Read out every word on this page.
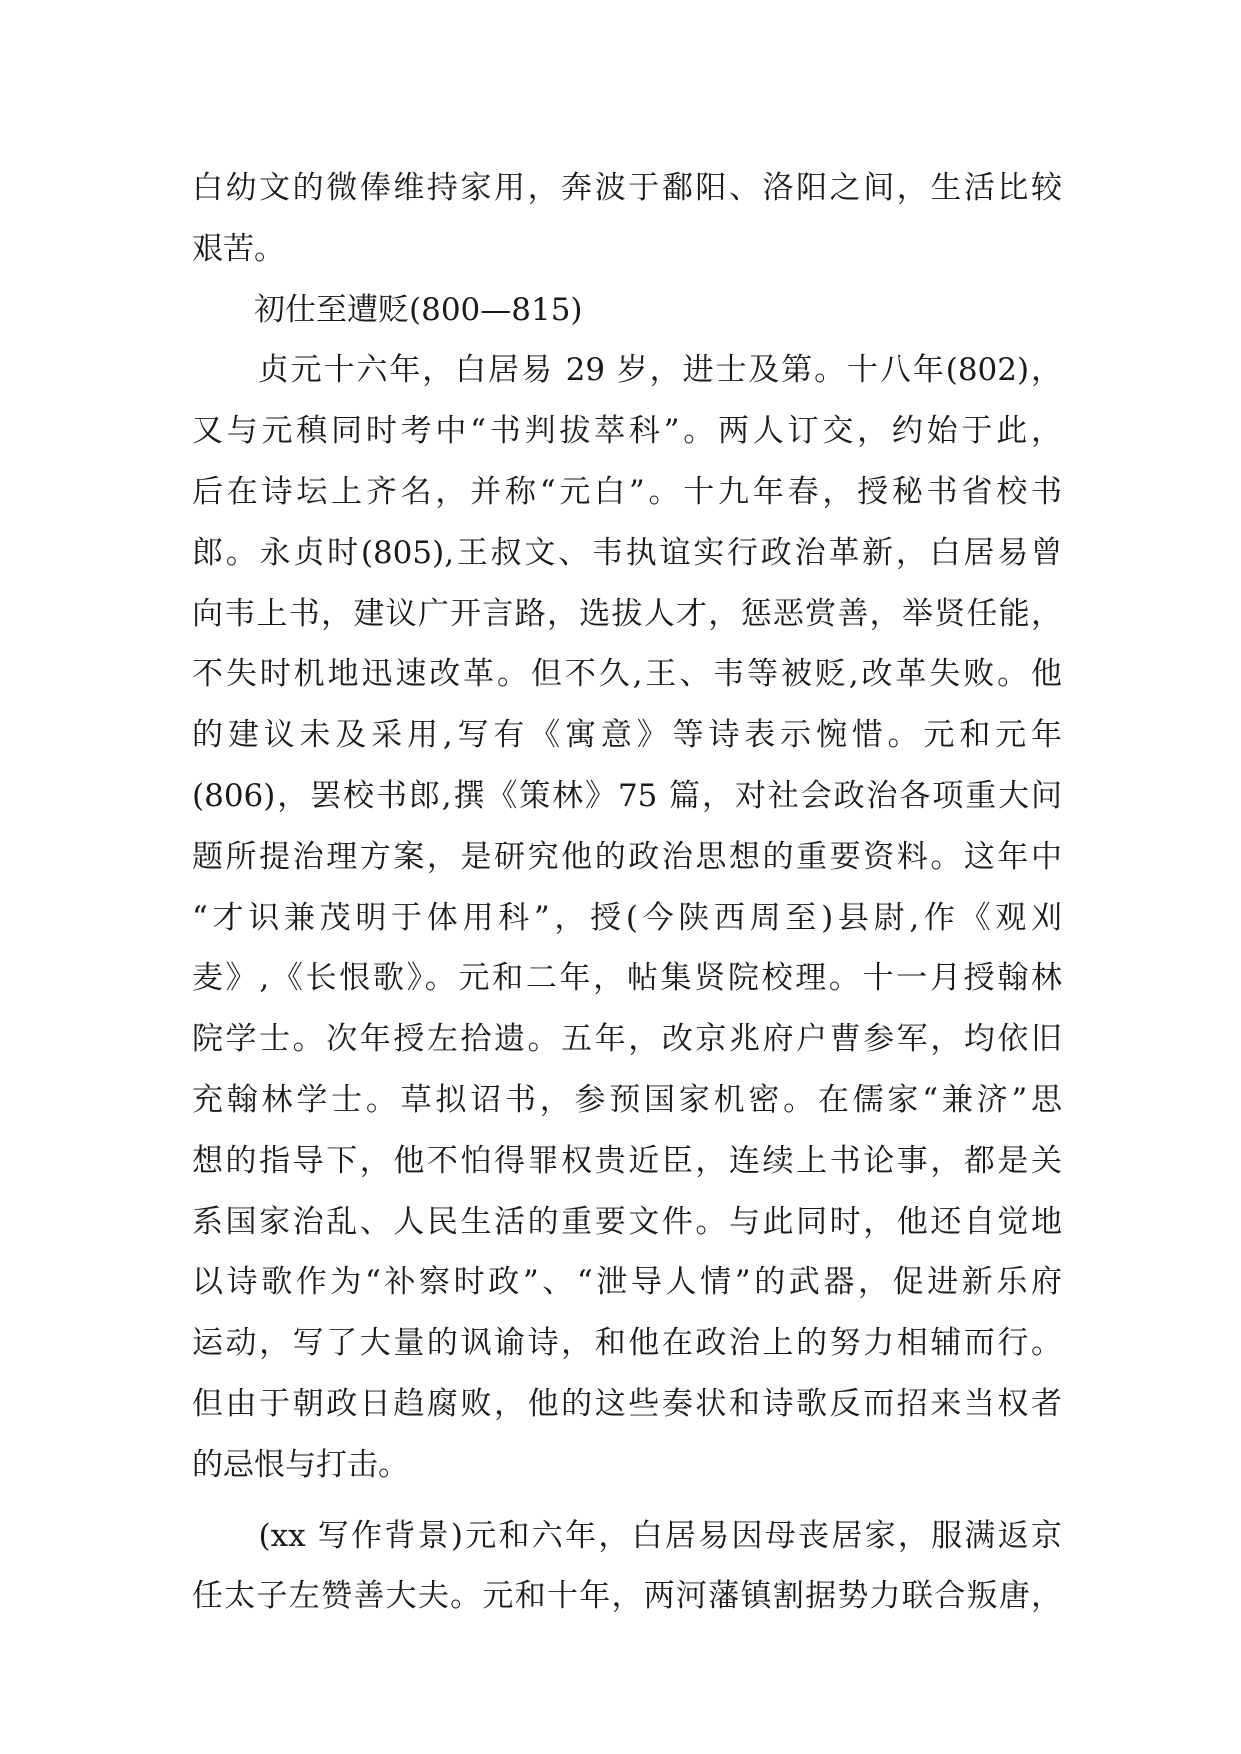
白幼文的微俸维持家用，奔波于鄱阳、洛阳之间，生活比较
艰苦。
　　初仕至遭贬(800—815)
　　贞元十六年，白居易 29 岁，进士及第。十八年(802)，
又与元稹同时考中“书判拔萃科”。两人订交，约始于此，
后在诗坛上齐名，并称“元白”。十九年春，授秘书省校书
郎。永贞时(805),王叔文、韦执谊实行政治革新，白居易曾
向韦上书，建议广开言路，选拔人才，惩恶赏善，举贤任能，
不失时机地迅速改革。但不久,王、韦等被贬,改革失败。他
的建议未及采用,写有《寓意》等诗表示惋惜。元和元年
(806)，罢校书郎,撰《策林》75 篇，对社会政治各项重大问
题所提治理方案，是研究他的政治思想的重要资料。这年中
“才识兼茂明于体用科”，授(今陕西周至)县尉,作《观刈
麦》,《长恨歌》。元和二年，帖集贤院校理。十一月授翰林
院学士。次年授左拾遗。五年，改京兆府户曹参军，均依旧
充翰林学士。草拟诏书，参预国家机密。在儒家“兼济”思
想的指导下，他不怕得罪权贵近臣，连续上书论事，都是关
系国家治乱、人民生活的重要文件。与此同时，他还自觉地
以诗歌作为“补察时政”、“泄导人情”的武器，促进新乐府
运动，写了大量的讽谕诗，和他在政治上的努力相辅而行。
但由于朝政日趋腐败，他的这些奏状和诗歌反而招来当权者
的忌恨与打击。
　　(xx 写作背景)元和六年，白居易因母丧居家，服满返京
任太子左赞善大夫。元和十年，两河藩镇割据势力联合叛唐，
